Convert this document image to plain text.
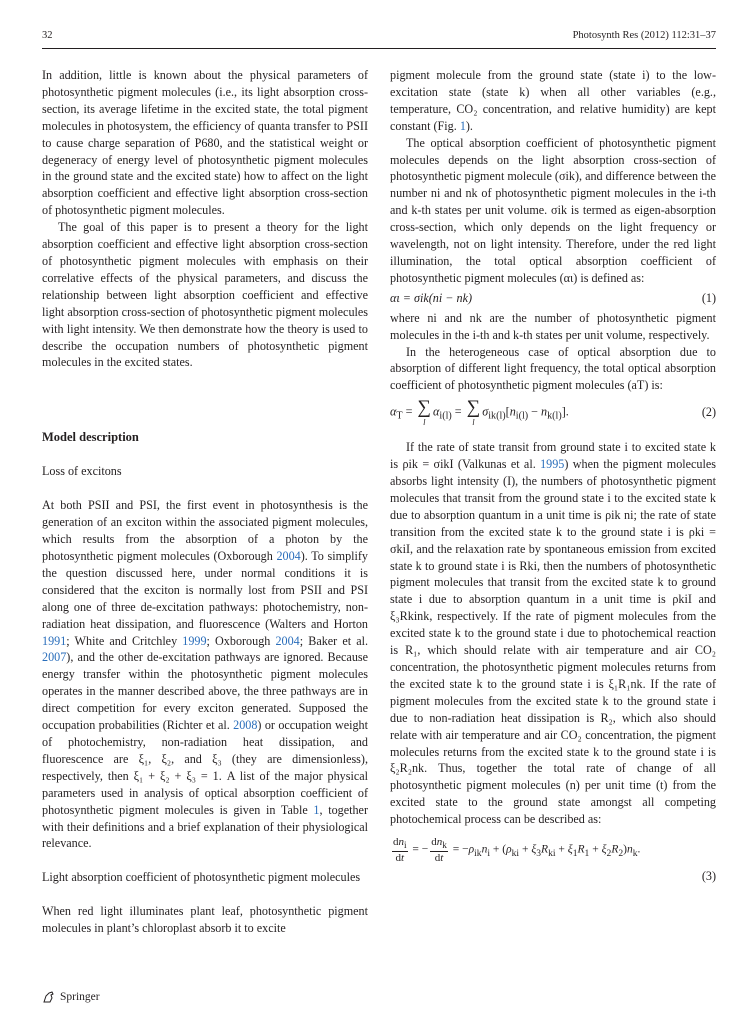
32	Photosynth Res (2012) 112:31–37

In addition, little is known about the physical parameters of photosynthetic pigment molecules (i.e., its light absorption cross-section, its average lifetime in the excited state, the total pigment molecules in photosystem, the efficiency of quanta transfer to PSII to cause charge separation of P680, and the statistical weight or degeneracy of energy level of photosynthetic pigment molecules in the ground state and the excited state) how to affect on the light absorption coefficient and effective light absorption cross-section of photosynthetic pigment molecules.

The goal of this paper is to present a theory for the light absorption coefficient and effective light absorption cross-section of photosynthetic pigment molecules with emphasis on their correlative effects of the physical parameters, and discuss the relationship between light absorption coefficient and effective light absorption cross-section of photosynthetic pigment molecules with light intensity. We then demonstrate how the theory is used to describe the occupation numbers of photosynthetic pigment molecules in the excited states.

Model description
Loss of excitons

At both PSII and PSI, the first event in photosynthesis is the generation of an exciton within the associated pigment molecules, which results from the absorption of a photon by the photosynthetic pigment molecules (Oxborough 2004). To simplify the question discussed here, under normal conditions it is considered that the exciton is normally lost from PSII and PSI along one of three de-excitation pathways: photochemistry, non-radiation heat dissipation, and fluorescence (Walters and Horton 1991; White and Critchley 1999; Oxborough 2004; Baker et al. 2007), and the other de-excitation pathways are ignored. Because energy transfer within the photosynthetic pigment molecules operates in the manner described above, the three pathways are in direct competition for every exciton generated. Supposed the occupation probabilities (Richter et al. 2008) or occupation weight of photochemistry, non-radiation heat dissipation, and fluorescence are ξ₁, ξ₂, and ξ₃ (they are dimensionless), respectively, then ξ₁ + ξ₂ + ξ₃ = 1. A list of the major physical parameters used in analysis of optical absorption coefficient of photosynthetic pigment molecules is given in Table 1, together with their definitions and a brief explanation of their physiological relevance.

Light absorption coefficient of photosynthetic pigment molecules

When red light illuminates plant leaf, photosynthetic pigment molecules in plant’s chloroplast absorb it to excite

pigment molecule from the ground state (state i) to the low-excitation state (state k) when all other variables (e.g., temperature, CO₂ concentration, and relative humidity) are kept constant (Fig. 1).

The optical absorption coefficient of photosynthetic pigment molecules depends on the light absorption cross-section of photosynthetic pigment molecule (σik), and difference between the number ni and nk of photosynthetic pigment molecules in the i-th and k-th states per unit volume. σik is termed as eigen-absorption cross-section, which only depends on the light frequency or wavelength, not on light intensity. Therefore, under the red light illumination, the total optical absorption coefficient of photosynthetic pigment molecules (αι) is defined as:

αι = σik(ni − nk)	(1)

where ni and nk are the number of photosynthetic pigment molecules in the i-th and k-th states per unit volume, respectively.

In the heterogeneous case of optical absorption due to absorption of different light frequency, the total optical absorption coefficient of photosynthetic pigment molecules (aT) is:

$\alpha_T$ = ∑
l
$\alpha_{i(l)}$ = ∑
l
$\sigma_{ik(l)}[n_{i(l)} - n_{k(l)}]$.	(2)

If the rate of state transit from ground state i to excited state k is ρik = σikI (Valkunas et al. 1995) when the pigment molecules absorbs light intensity (I), the numbers of photosynthetic pigment molecules that transit from the ground state i to the excited state k due to absorption quantum in a unit time is ρik ni; the rate of state transition from the excited state k to the ground state i is ρki = σkiI, and the relaxation rate by spontaneous emission from excited state k to ground state i is Rki, then the numbers of photosynthetic pigment molecules that transit from the excited state k to ground state i due to absorption quantum in a unit time is ρkiI and ξ₃Rkink, respectively. If the rate of pigment molecules from the excited state k to the ground state i due to photochemical reaction is R₁, which should relate with air temperature and air CO₂ concentration, the photosynthetic pigment molecules returns from the excited state k to the ground state i is ξ₁R₁nk. If the rate of pigment molecules from the excited state k to the ground state i due to non-radiation heat dissipation is R₂, which also should relate with air temperature and air CO₂ concentration, the pigment molecules returns from the excited state k to the ground state i is ξ₂R₂nk. Thus, together the total rate of change of all photosynthetic pigment molecules (n) per unit time (t) from the excited state to the ground state amongst all competing photochemical process can be described as:

$\frac{dn_i}{dt}$ = − $\frac{dn_k}{dt} = -\rho_{ik}n_i + (\rho_{ki} + \xi_3R_{ki} + \xi_1R_1 + \xi_2R_2)n_k$.
(3)
Springer
